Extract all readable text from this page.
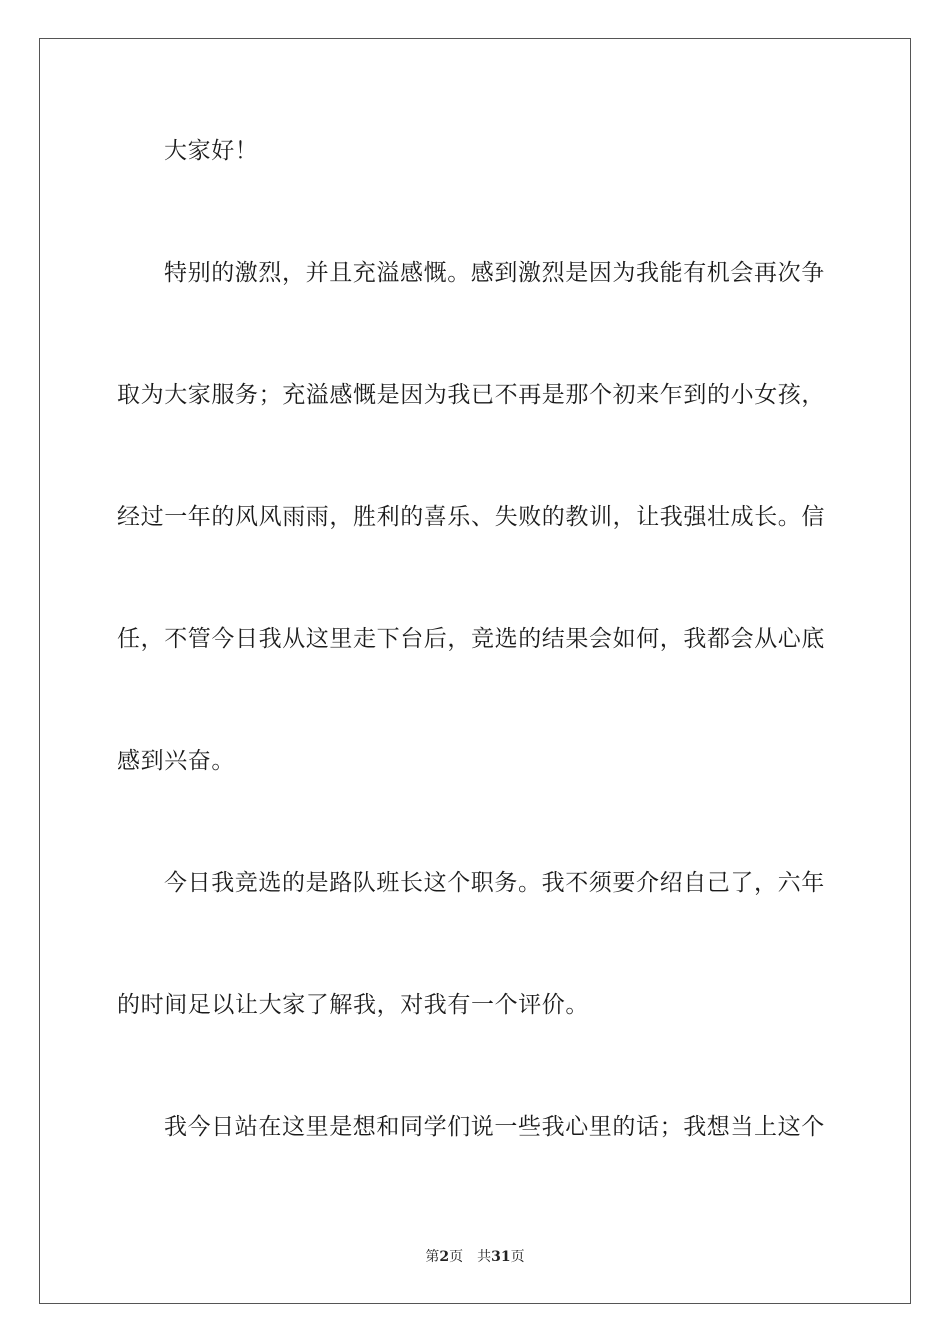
大家好！
特别的激烈，并且充溢感慨。感到激烈是因为我能有机会再次争
取为大家服务；充溢感慨是因为我已不再是那个初来乍到的小女孩，
经过一年的风风雨雨，胜利的喜乐、失败的教训，让我强壮成长。信
任，不管今日我从这里走下台后，竞选的结果会如何，我都会从心底
感到兴奋。
今日我竞选的是路队班长这个职务。我不须要介绍自己了，六年
的时间足以让大家了解我，对我有一个评价。
我今日站在这里是想和同学们说一些我心里的话；我想当上这个
第2页 共31页
